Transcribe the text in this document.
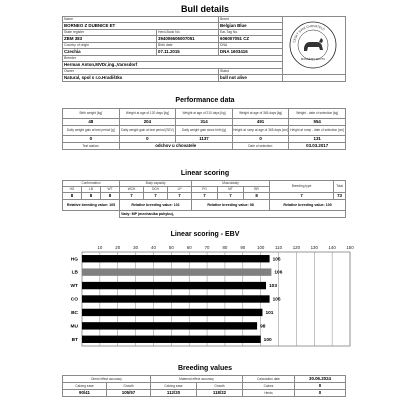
Bull details
Name		Breed	
BORNEO Z DUBNICE ET		Belgian Blue	
State register	Herd-Book No.	Ear-Tag No.	
ZBM 383	394006606007051	606007051 CZ	
Country of origin	Birth date	DNA	
Czechia	07.11.2015	DNA 1603416	
Breeder			
Herman Anton,MVDr,ing.,Varnsdorf			
Owner		Statut	
Natural, spol s r.o.Hradištko		bull not alive	
ČESKÝ SVAZ CHOVATELŮ
MASNÉHO SKOTU
Performance data
Birth weight [kg]	Weight at age of 120 days [kg]	Weight at age of 210 days [kg]	Weight at age of 365 days [kg]	Weight - date of selection [kg]
48	204	314	491	554
Daily weight gain at test period [g]	Daily weight gain at test period [SEV]	Daily weight gain since birth [g]	Height at rump at age of 365 days [cm]	Height at rump - date of selection [cm]
0	0	1137	0	131
Test station:	odchov u chovatele		Date of selection:	03.03.2017
Linear scoring
Conformation			Body capacity			Musculosity			Breeding type	Total
HG	LB	WT	WCH	DCH	LP	PG	MT	BR		
8	8	8	7	7	7	7	7	8	7	73
Relative breeding value: 105			Relative breeding value: 101			Relative breeding value: 98			Relative breeding value: 100	
			Vady: MP (mechanika pohybu),							
Linear scoring - EBV
10	20	30	40	50	60	70	80	90	100 110 120 130 140 150
HG	105
LB	106
WT	103
CO	105
BC	101
MU	98
BT	100
Breeding values
Direct effect accuracy		Maternal effect accuracy		Calculation date	30.06.2024
Calving ease	Growth	Calving ease	Growth	Calves	0
90/41	105/57	112/20	118/22	Herds	0
